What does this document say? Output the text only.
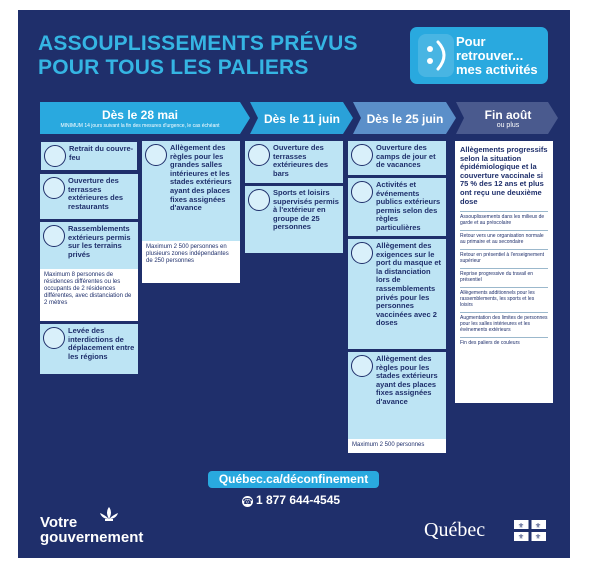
ASSOUPLISSEMENTS PRÉVUS
POUR TOUS LES PALIERS
Pour
retrouver...
mes activités
Dès le 28 mai
MINIMUM 14 jours suivant la fin des mesures d'urgence, le cas échéant	Dès le 11 juin	Dès le 25 juin	Fin août
ou plus
Retrait du couvre-feu
Ouverture des terrasses extérieures des restaurants
Rassemblements extérieurs permis sur les terrains privés
Maximum 8 personnes de résidences différentes ou les occupants de 2 résidences différentes, avec distanciation de 2 mètres
Levée des interdictions de déplacement entre les régions
Allègement des règles pour les grandes salles intérieures et les stades extérieurs ayant des places fixes assignées d'avance
Maximum 2 500 personnes en plusieurs zones indépendantes de 250 personnes
Ouverture des terrasses extérieures des bars
Sports et loisirs supervisés permis à l'extérieur en groupe de 25 personnes
Ouverture des camps de jour et de vacances
Activités et événements publics extérieurs permis selon des règles particulières
Allègement des exigences sur le port du masque et la distanciation lors de rassemblements privés pour les personnes vaccinées avec 2 doses
Allègement des règles pour les stades extérieurs ayant des places fixes assignées d'avance
Maximum 2 500 personnes
Allègements progressifs selon la situation épidémiologique et la couverture vaccinale si 75 % des 12 ans et plus ont reçu une deuxième dose
Assouplissements dans les milieux de garde et au préscolaire
Retour vers une organisation normale au primaire et au secondaire
Retour en présentiel à l'enseignement supérieur
Reprise progressive du travail en présentiel
Allègements additionnels pour les rassemblements, les sports et les loisirs
Augmentation des limites de personnes pour les salles intérieures et les événements extérieurs
Fin des paliers de couleurs
Québec.ca/déconfinement
☎ 1 877 644-4545
Votre
gouvernement	Québec	⚜ ⚜
⚜ ⚜
